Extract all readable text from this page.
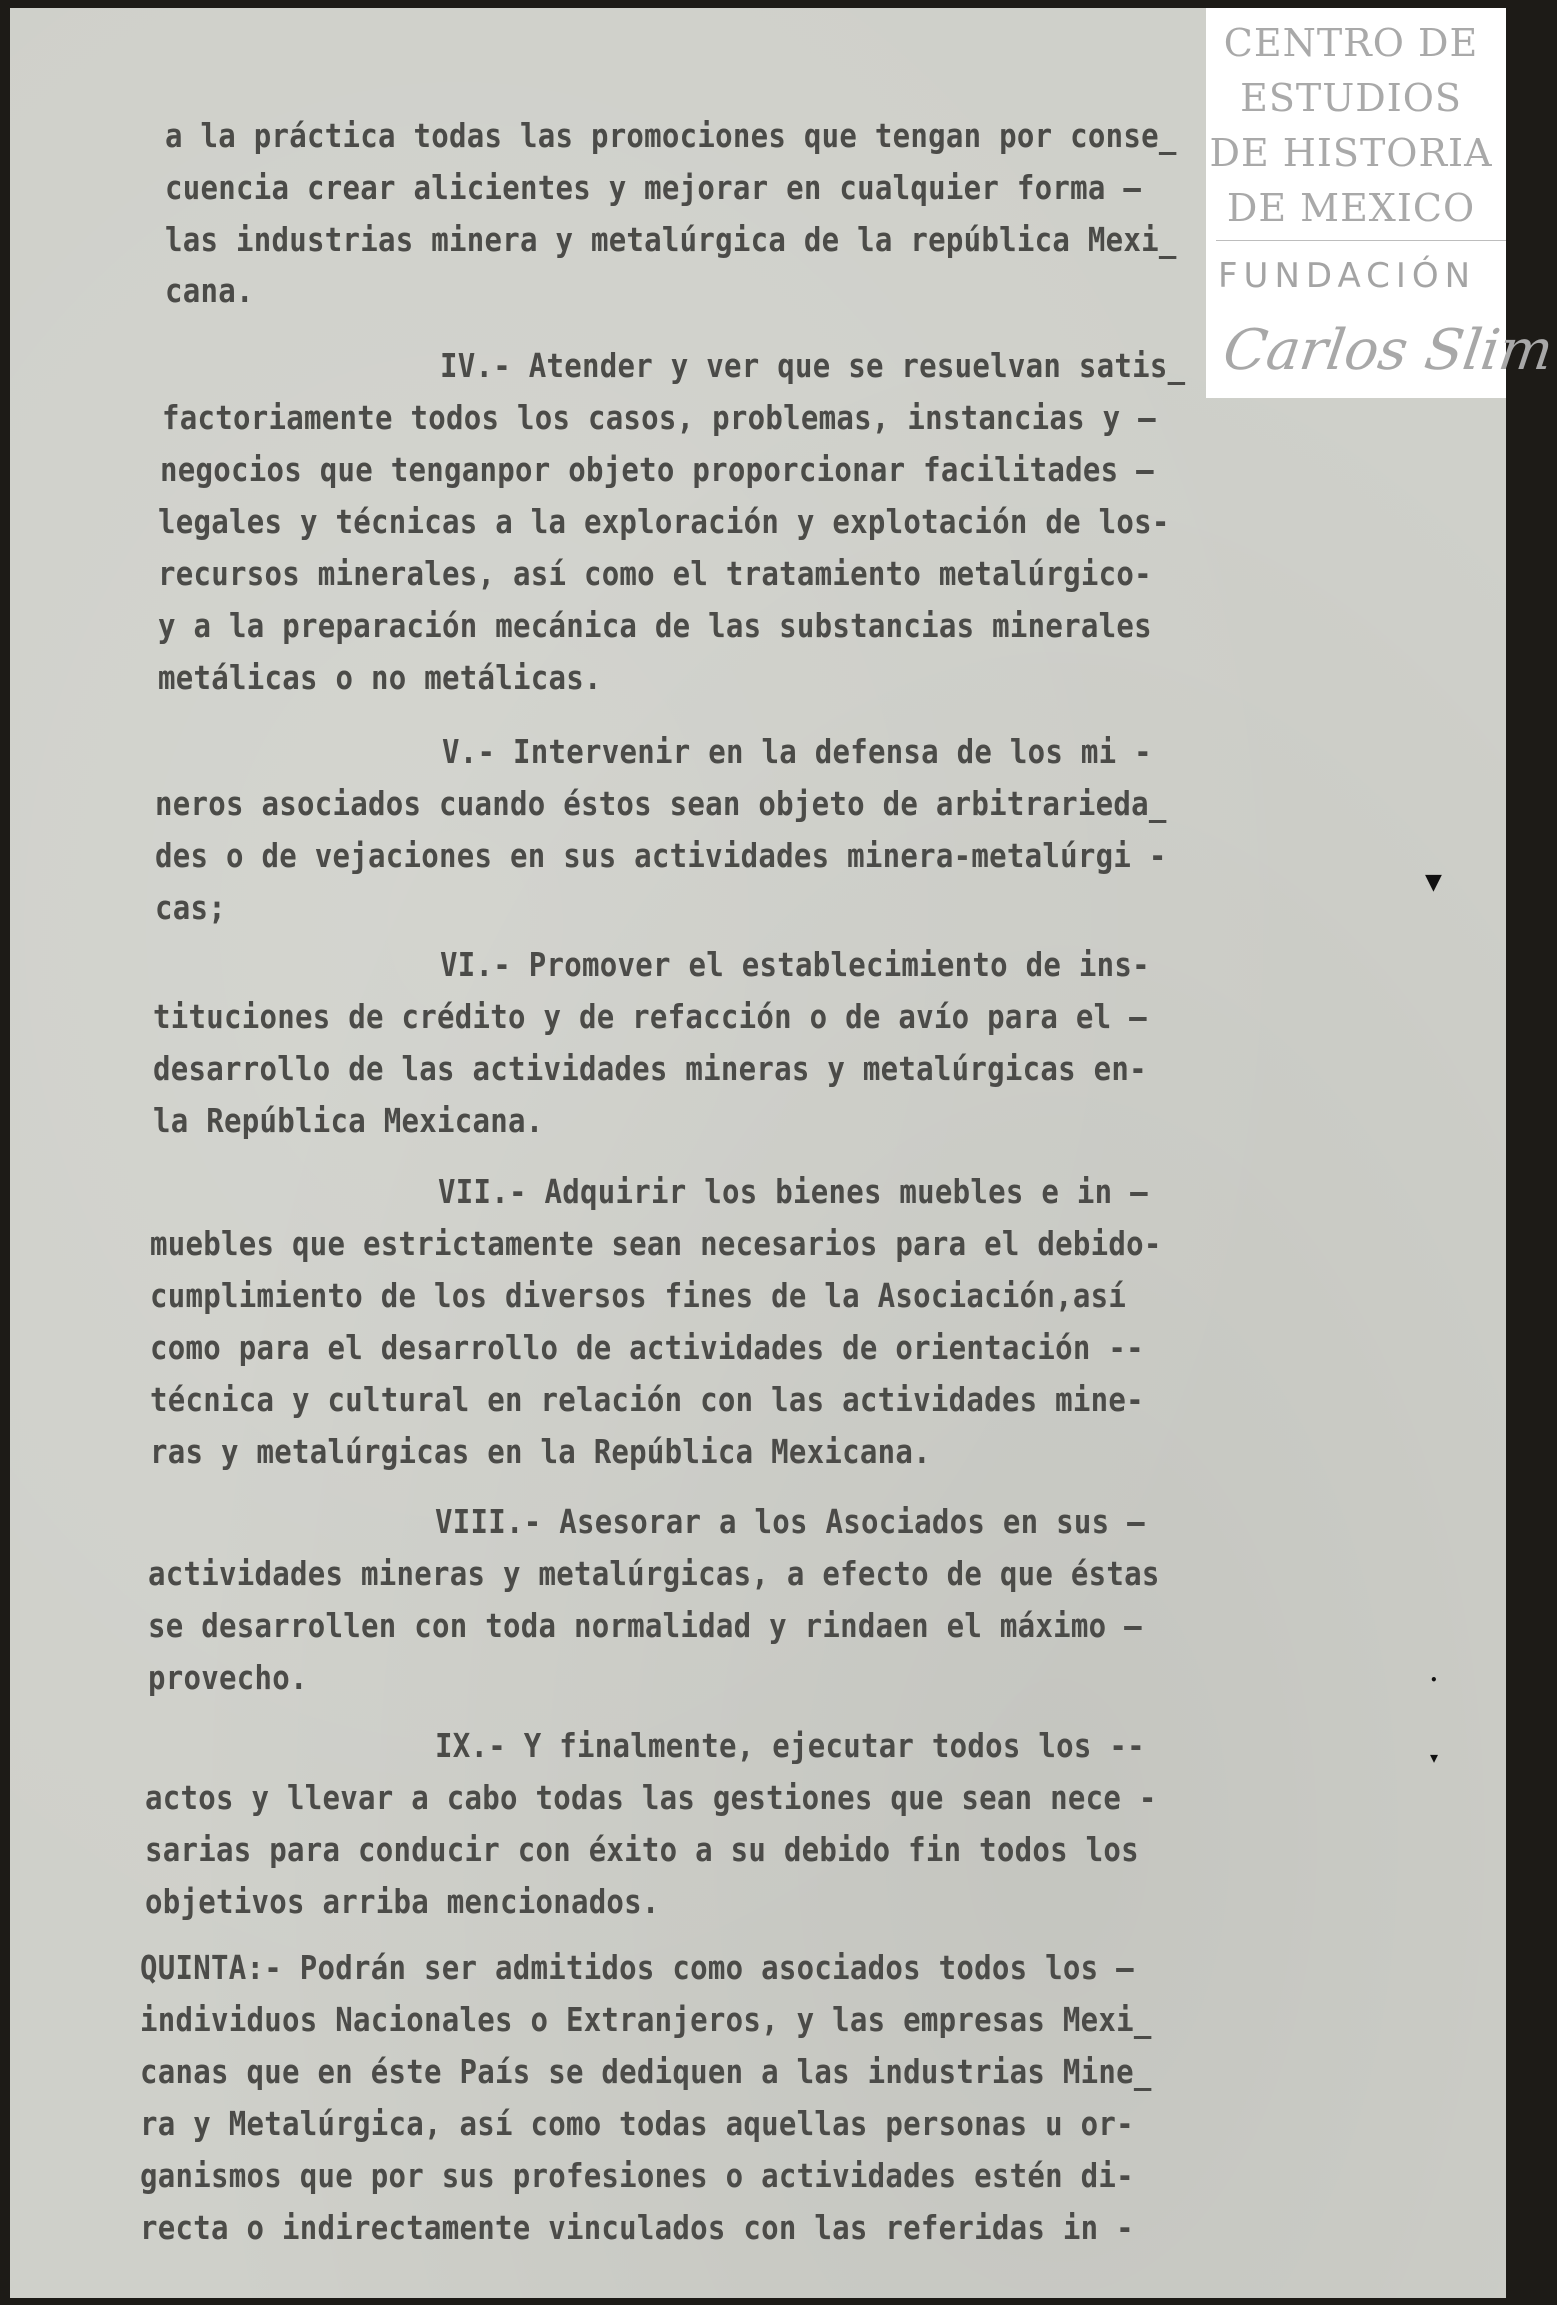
CENTRO DE
ESTUDIOS
DE HISTORIA
DE MEXICO
FUNDACIÓN
Carlos Slim
a la práctica todas las promociones que tengan por conse_
cuencia crear alicientes y mejorar en cualquier forma —
las industrias minera y metalúrgica de la república Mexi_
cana.
IV.- Atender y ver que se resuelvan satis_
factoriamente todos los casos, problemas, instancias y —
negocios que tenganpor objeto proporcionar facilitades —
legales y técnicas a la exploración y explotación de los-
recursos minerales, así como el tratamiento metalúrgico-
y a la preparación mecánica de las substancias minerales
metálicas o no metálicas.
V.- Intervenir en la defensa de los mi -
neros asociados cuando éstos sean objeto de arbitrarieda_
des o de vejaciones en sus actividades minera-metalúrgi -
cas;
VI.- Promover el establecimiento de ins-
tituciones de crédito y de refacción o de avío para el —
desarrollo de las actividades mineras y metalúrgicas en-
la República Mexicana.
VII.- Adquirir los bienes muebles e in —
muebles que estrictamente sean necesarios para el debido-
cumplimiento de los diversos fines de la Asociación,así
como para el desarrollo de actividades de orientación --
técnica y cultural en relación con las actividades mine-
ras y metalúrgicas en la República Mexicana.
VIII.- Asesorar a los Asociados en sus —
actividades mineras y metalúrgicas, a efecto de que éstas
se desarrollen con toda normalidad y rindaen el máximo —
provecho.
IX.- Y finalmente, ejecutar todos los --
actos y llevar a cabo todas las gestiones que sean nece -
sarias para conducir con éxito a su debido fin todos los
objetivos arriba mencionados.
QUINTA:- Podrán ser admitidos como asociados todos los —
individuos Nacionales o Extranjeros, y las empresas Mexi_
canas que en éste País se dediquen a las industrias Mine_
ra y Metalúrgica, así como todas aquellas personas u or-
ganismos que por sus profesiones o actividades estén di-
recta o indirectamente vinculados con las referidas in -
▼
▾
•
